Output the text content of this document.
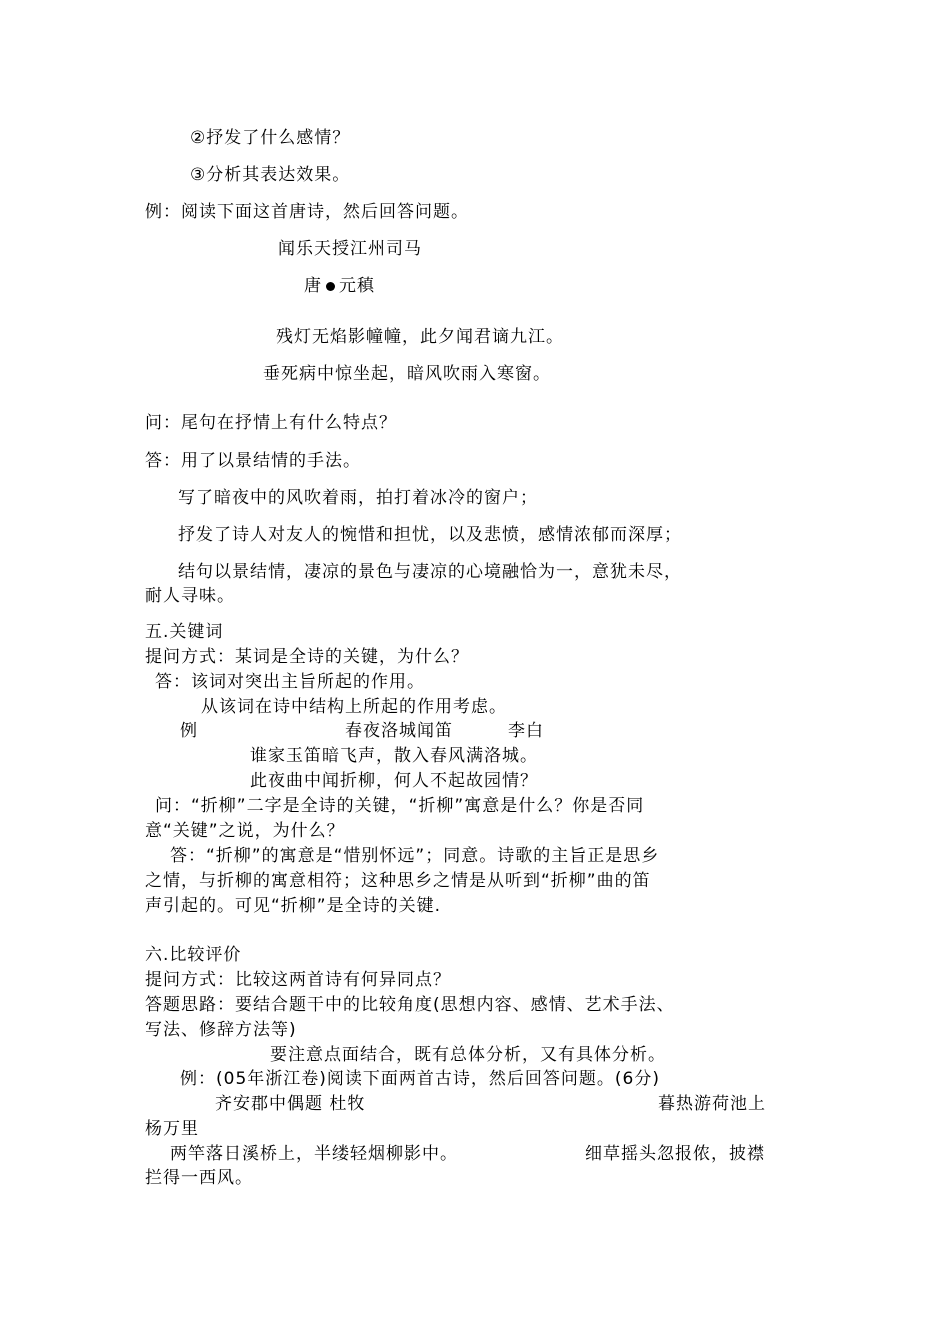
②抒发了什么感情？
③分析其表达效果。
例：阅读下面这首唐诗，然后回答问题。
闻乐天授江州司马
唐 元稹
残灯无焰影幢幢，此夕闻君谪九江。
垂死病中惊坐起，暗风吹雨入寒窗。
问：尾句在抒情上有什么特点？
答：用了以景结情的手法。
写了暗夜中的风吹着雨，拍打着冰冷的窗户；
抒发了诗人对友人的惋惜和担忧，以及悲愤，感情浓郁而深厚；
结句以景结情，凄凉的景色与凄凉的心境融恰为一，意犹未尽，
耐人寻味。
五.关键词
提问方式：某词是全诗的关键，为什么？
答：该词对突出主旨所起的作用。
从该词在诗中结构上所起的作用考虑。
例	春夜洛城闻笛	李白
谁家玉笛暗飞声，散入春风满洛城。
此夜曲中闻折柳，何人不起故园情？
问：“折柳”二字是全诗的关键，“折柳”寓意是什么？你是否同
意“关键”之说，为什么？
答：“折柳”的寓意是“惜别怀远”；同意。诗歌的主旨正是思乡
之情，与折柳的寓意相符；这种思乡之情是从听到“折柳”曲的笛
声引起的。可见“折柳”是全诗的关键.
六.比较评价
提问方式：比较这两首诗有何异同点？
答题思路：要结合题干中的比较角度(思想内容、感情、艺术手法、
写法、修辞方法等)
要注意点面结合，既有总体分析，又有具体分析。
例：(05年浙江卷)阅读下面两首古诗，然后回答问题。(6分)
齐安郡中偶题 杜牧	暮热游荷池上
杨万里
两竿落日溪桥上，半缕轻烟柳影中。	细草摇头忽报侬，披襟
拦得一西风。
